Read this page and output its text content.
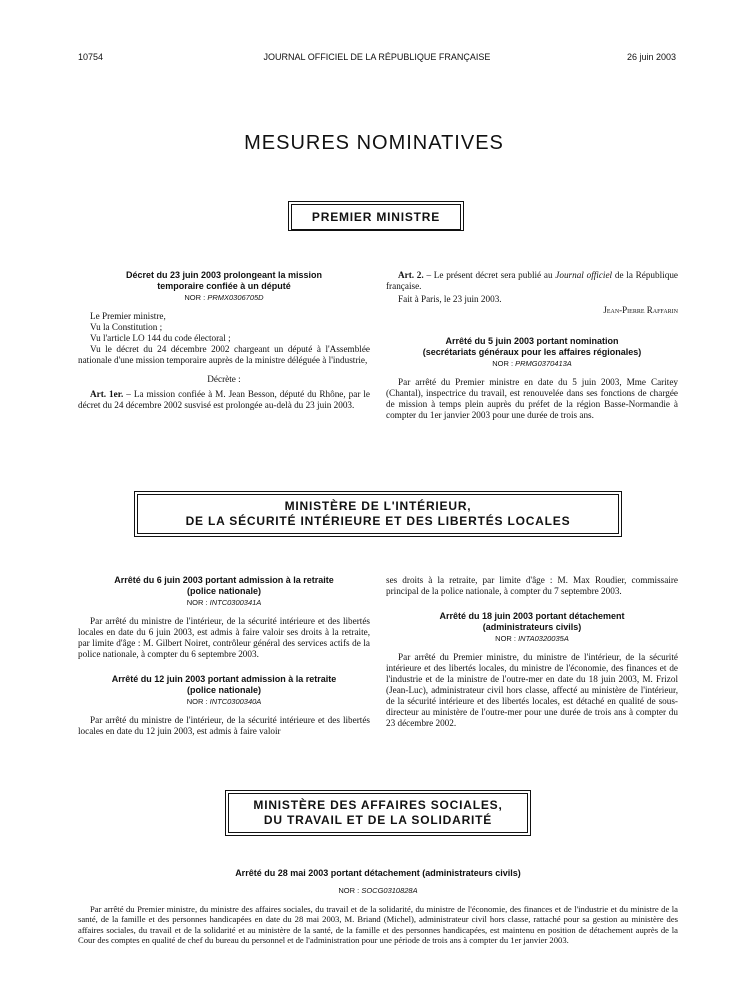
10754	JOURNAL OFFICIEL DE LA RÉPUBLIQUE FRANÇAISE	26 juin 2003
MESURES NOMINATIVES
PREMIER MINISTRE
Décret du 23 juin 2003 prolongeant la mission
temporaire confiée à un député
NOR : PRMX0306705D

Le Premier ministre,

Vu la Constitution ;

Vu l'article LO 144 du code électoral ;

Vu le décret du 24 décembre 2002 chargeant un député à l'Assemblée nationale d'une mission temporaire auprès de la ministre déléguée à l'industrie,

Décrète :

Art. 1er. – La mission confiée à M. Jean Besson, député du Rhône, par le décret du 24 décembre 2002 susvisé est prolongée au-delà du 23 juin 2003.

Art. 2. – Le présent décret sera publié au Journal officiel de la République française.

Fait à Paris, le 23 juin 2003.

Jean-Pierre Raffarin

Arrêté du 5 juin 2003 portant nomination
(secrétariats généraux pour les affaires régionales)
NOR : PRMG0370413A

Par arrêté du Premier ministre en date du 5 juin 2003, Mme Caritey (Chantal), inspectrice du travail, est renouvelée dans ses fonctions de chargée de mission à temps plein auprès du préfet de la région Basse-Normandie à compter du 1er janvier 2003 pour une durée de trois ans.

MINISTÈRE DE L'INTÉRIEUR,
DE LA SÉCURITÉ INTÉRIEURE ET DES LIBERTÉS LOCALES
Arrêté du 6 juin 2003 portant admission à la retraite
(police nationale)
NOR : INTC0300341A

Par arrêté du ministre de l'intérieur, de la sécurité intérieure et des libertés locales en date du 6 juin 2003, est admis à faire valoir ses droits à la retraite, par limite d'âge : M. Gilbert Noiret, contrôleur général des services actifs de la police nationale, à compter du 6 septembre 2003.

Arrêté du 12 juin 2003 portant admission à la retraite
(police nationale)
NOR : INTC0300340A

Par arrêté du ministre de l'intérieur, de la sécurité intérieure et des libertés locales en date du 12 juin 2003, est admis à faire valoir

ses droits à la retraite, par limite d'âge : M. Max Roudier, commissaire principal de la police nationale, à compter du 7 septembre 2003.

Arrêté du 18 juin 2003 portant détachement
(administrateurs civils)
NOR : INTA0320035A

Par arrêté du Premier ministre, du ministre de l'intérieur, de la sécurité intérieure et des libertés locales, du ministre de l'économie, des finances et de l'industrie et de la ministre de l'outre-mer en date du 18 juin 2003, M. Frizol (Jean-Luc), administrateur civil hors classe, affecté au ministère de l'intérieur, de la sécurité intérieure et des libertés locales, est détaché en qualité de sous-directeur au ministère de l'outre-mer pour une durée de trois ans à compter du 23 décembre 2002.

MINISTÈRE DES AFFAIRES SOCIALES,
DU TRAVAIL ET DE LA SOLIDARITÉ
Arrêté du 28 mai 2003 portant détachement (administrateurs civils)
NOR : SOCG0310828A

Par arrêté du Premier ministre, du ministre des affaires sociales, du travail et de la solidarité, du ministre de l'économie, des finances et de l'industrie et du ministre de la santé, de la famille et des personnes handicapées en date du 28 mai 2003, M. Briand (Michel), administrateur civil hors classe, rattaché pour sa gestion au ministère des affaires sociales, du travail et de la solidarité et au ministère de la santé, de la famille et des personnes handicapées, est maintenu en position de détachement auprès de la Cour des comptes en qualité de chef du bureau du personnel et de l'administration pour une période de trois ans à compter du 1er janvier 2003.
